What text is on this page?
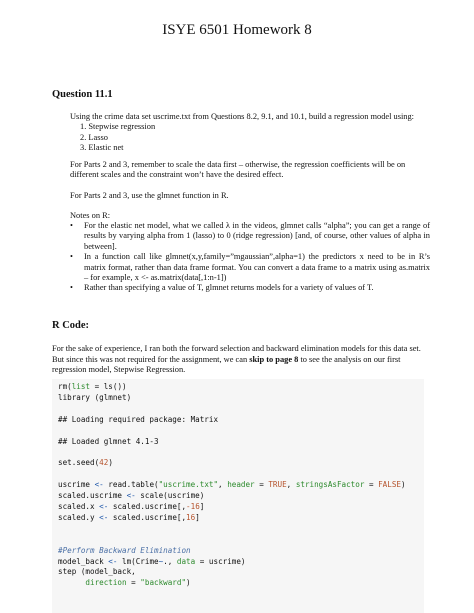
ISYE 6501 Homework 8
Question 11.1
Using the crime data set uscrime.txt from Questions 8.2, 9.1, and 10.1, build a regression model using:
1. Stepwise regression
2. Lasso
3. Elastic net
For Parts 2 and 3, remember to scale the data first – otherwise, the regression coefficients will be on different scales and the constraint won’t have the desired effect.
For Parts 2 and 3, use the glmnet function in R.
Notes on R:
•	For the elastic net model, what we called λ in the videos, glmnet calls “alpha”; you can get a range of results by varying alpha from 1 (lasso) to 0 (ridge regression) [and, of course, other values of alpha in between].
•	In a function call like glmnet(x,y,family=”mgaussian”,alpha=1) the predictors x need to be in R’s matrix format, rather than data frame format. You can convert a data frame to a matrix using as.matrix – for example, x <- as.matrix(data[,1:n-1])
•	Rather than specifying a value of T, glmnet returns models for a variety of values of T.
R Code:
For the sake of experience, I ran both the forward selection and backward elimination models for this data set. But since this was not required for the assignment, we can skip to page 8 to see the analysis on our first regression model, Stepwise Regression.
rm(list = ls())
library (glmnet)

## Loading required package: Matrix

## Loaded glmnet 4.1-3

set.seed(42)

uscrime <- read.table("uscrime.txt", header = TRUE, stringsAsFactor = FALSE)
scaled.uscrime <- scale(uscrime)
scaled.x <- scaled.uscrime[,-16]
scaled.y <- scaled.uscrime[,16]

#Perform Backward Elimination
model_back <- lm(Crime~., data = uscrime)
step (model_back,
direction = "backward")
